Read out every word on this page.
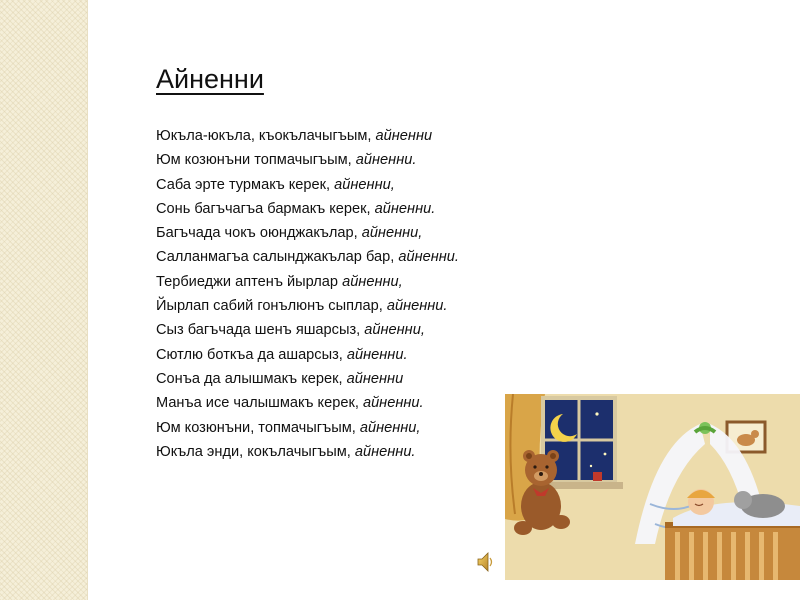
Айненни
Юкъла-юкъла, къокълачыгъым, айненни
Юм козюнъни топмачыгъым, айненни.
Саба эрте турмакъ керек, айненни,
Сонь багъчагъа бармакъ керек, айненни.
Багъчада чокъ оюнджакълар, айненни,
Салланмагъа салынджакълар бар, айненни.
Тербиеджи аптенъ йырлар айненни,
Йырлап сабий гонълюнъ сыплар, айненни.
Сыз багъчада шенъ яшарсыз, айненни,
Сютлю боткъа да ашарсыз, айненни.
Сонъа да алышмакъ керек, айненни
Манъа исе чалышмакъ керек, айненни.
Юм козюнъни, топмачыгъым, айненни,
Юкъла энди, кокълачыгъым, айненни.
